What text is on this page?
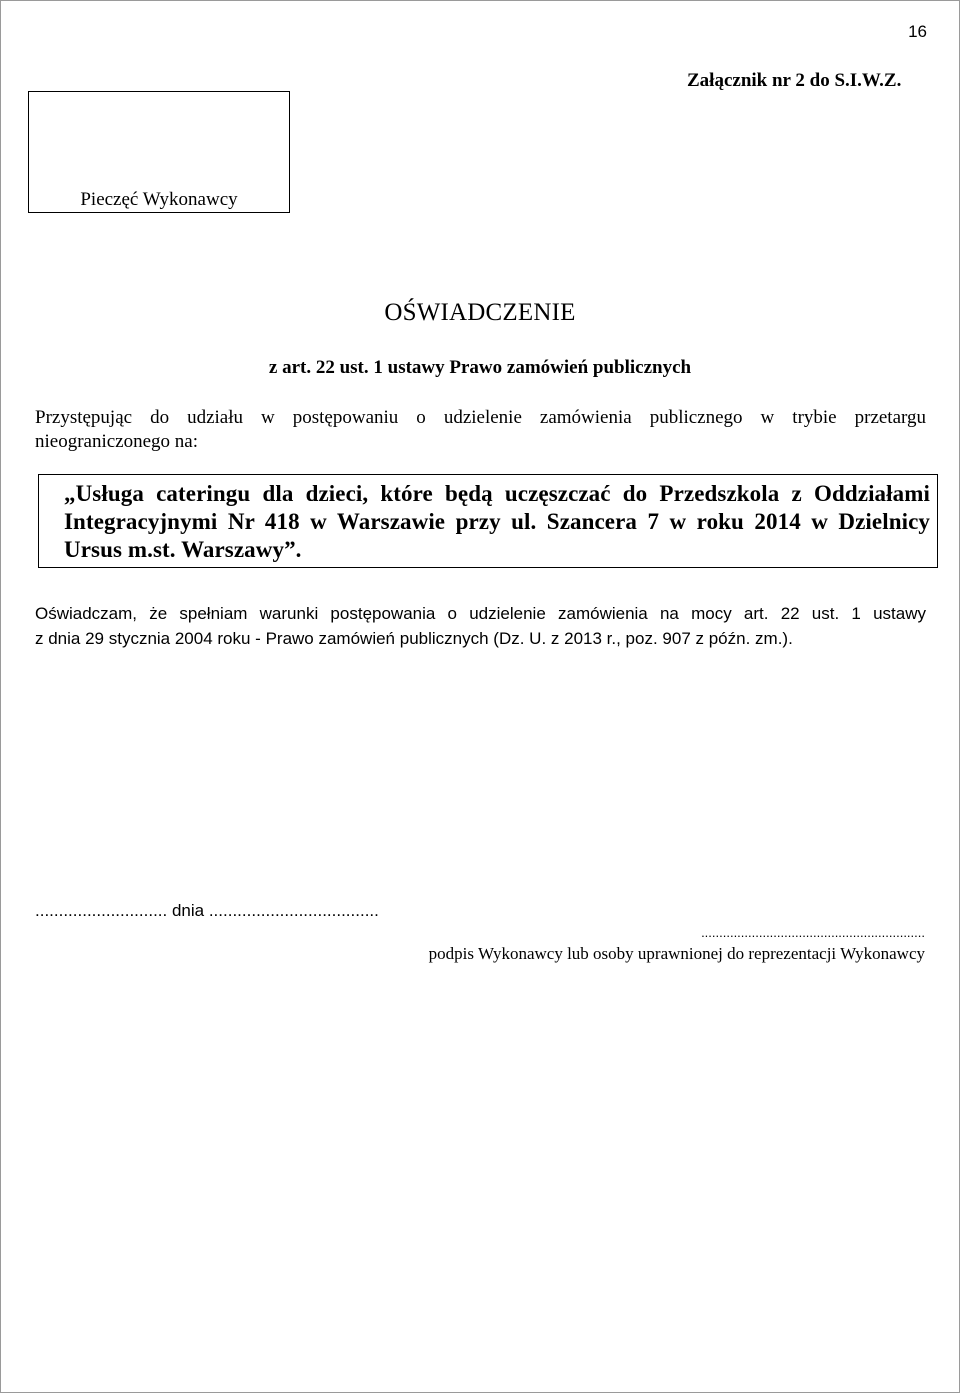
16
Załącznik nr 2 do S.I.W.Z.
Pieczęć Wykonawcy
OŚWIADCZENIE
z art. 22 ust. 1 ustawy Prawo zamówień publicznych
Przystępując do udziału w postępowaniu o udzielenie zamówienia publicznego w trybie przetargu
nieograniczonego na:
„Usługa cateringu dla dzieci, które będą uczęszczać do Przedszkola z Oddziałami
Integracyjnymi Nr 418 w Warszawie przy ul. Szancera 7 w roku 2014 w Dzielnicy
Ursus m.st. Warszawy”.
Oświadczam, że spełniam warunki postępowania o udzielenie zamówienia na mocy art. 22 ust. 1 ustawy
z dnia 29 stycznia 2004 roku - Prawo zamówień publicznych (Dz. U. z 2013 r., poz. 907 z późn. zm.).
............................ dnia ....................................
..............................................................
podpis Wykonawcy lub osoby uprawnionej do reprezentacji Wykonawcy
